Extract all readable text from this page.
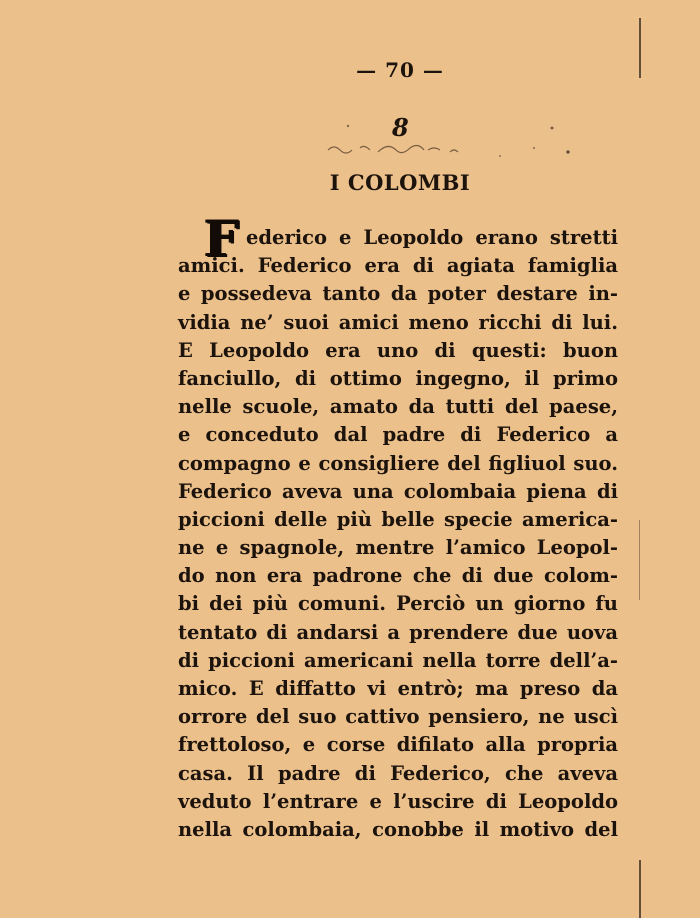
— 70 —
8
I COLOMBI
F ederico e Leopoldo erano stretti
amici. Federico era di agiata famiglia
e possedeva tanto da poter destare in-
vidia ne’ suoi amici meno ricchi di lui.
E Leopoldo era uno di questi: buon
fanciullo, di ottimo ingegno, il primo
nelle scuole, amato da tutti del paese,
e conceduto dal padre di Federico a
compagno e consigliere del figliuol suo.
Federico aveva una colombaia piena di
piccioni delle più belle specie america-
ne e spagnole, mentre l’amico Leopol-
do non era padrone che di due colom-
bi dei più comuni. Perciò un giorno fu
tentato di andarsi a prendere due uova
di piccioni americani nella torre dell’a-
mico. E diffatto vi entrò; ma preso da
orrore del suo cattivo pensiero, ne uscì
frettoloso, e corse difilato alla propria
casa. Il padre di Federico, che aveva
veduto l’entrare e l’uscire di Leopoldo
nella colombaia, conobbe il motivo del
